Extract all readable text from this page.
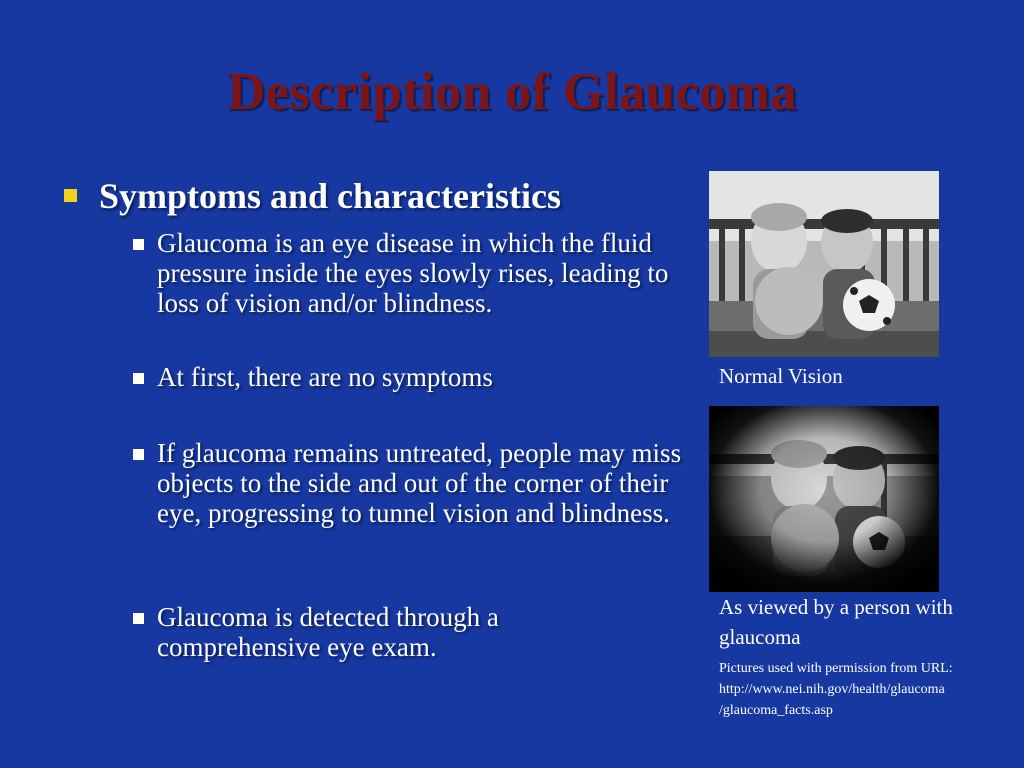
Description of Glaucoma
Symptoms and characteristics
Glaucoma is an eye disease in which the fluid pressure inside the eyes slowly rises, leading to loss of vision and/or blindness.
At first, there are no symptoms
If glaucoma remains untreated, people may miss objects to the side and out of the corner of their eye, progressing to tunnel vision and blindness.
Glaucoma is detected through a comprehensive eye exam.
Normal Vision
As viewed by a person with glaucoma
Pictures used with permission from URL:
http://www.nei.nih.gov/health/glaucoma
/glaucoma_facts.asp
